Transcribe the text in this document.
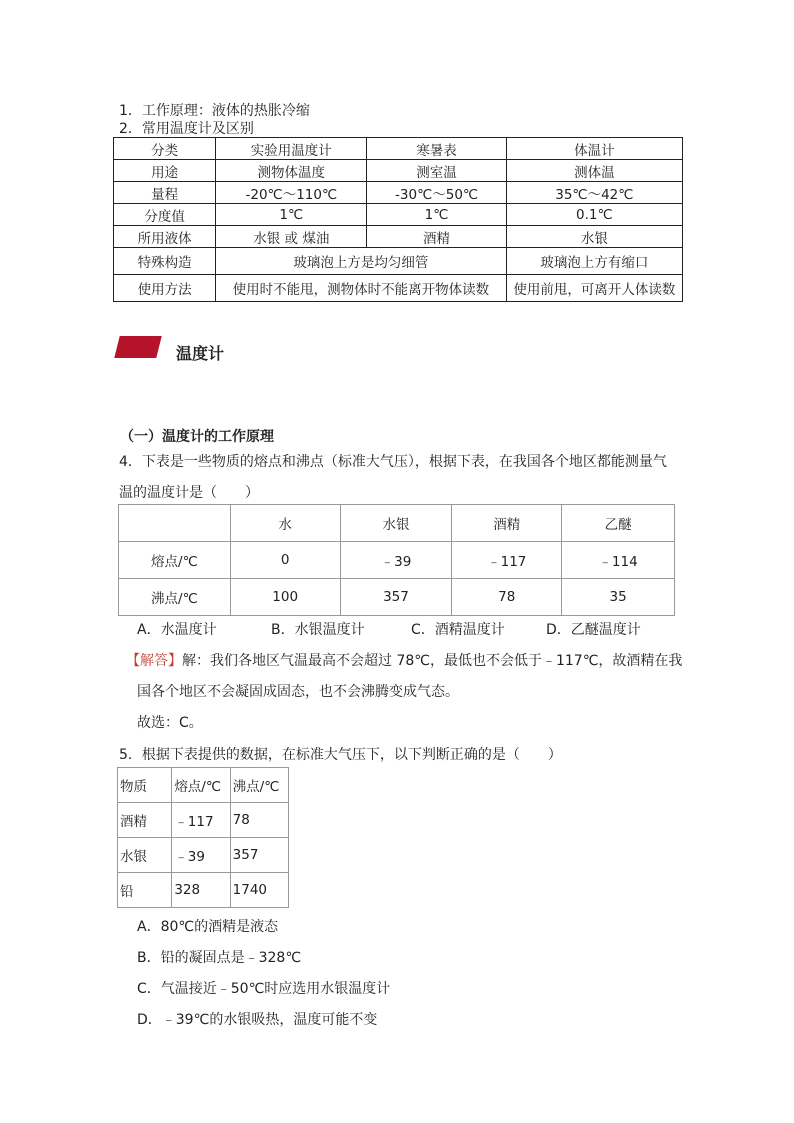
1．工作原理：液体的热胀冷缩
2．常用温度计及区别
分类	实验用温度计	寒暑表	体温计
用途	测物体温度	测室温	测体温
量程	-20℃～110℃	-30℃～50℃	35℃～42℃
分度值	1℃	1℃	0.1℃
所用液体	水银 或 煤油	酒精	水银
特殊构造	玻璃泡上方是均匀细管		玻璃泡上方有缩口
使用方法	使用时不能甩，测物体时不能离开物体读数		使用前甩，可离开人体读数
温度计
（一）温度计的工作原理
4．下表是一些物质的熔点和沸点（标准大气压），根据下表，在我国各个地区都能测量气
温的温度计是（　　）
	水	水银	酒精	乙醚
熔点/℃	0	﹣39	﹣117	﹣114
沸点/℃	100	357	78	35
A．水温度计	B．水银温度计	C．酒精温度计	D．乙醚温度计
【解答】解：我们各地区气温最高不会超过 78℃，最低也不会低于﹣117℃，故酒精在我
国各个地区不会凝固成固态，也不会沸腾变成气态。
故选：C。
5．根据下表提供的数据，在标准大气压下，以下判断正确的是（　　）
物质	熔点/℃	沸点/℃
酒精	﹣117	78
水银	﹣39	357
铅	328	1740
A．80℃的酒精是液态
B．铅的凝固点是﹣328℃
C．气温接近﹣50℃时应选用水银温度计
D．﹣39℃的水银吸热，温度可能不变
